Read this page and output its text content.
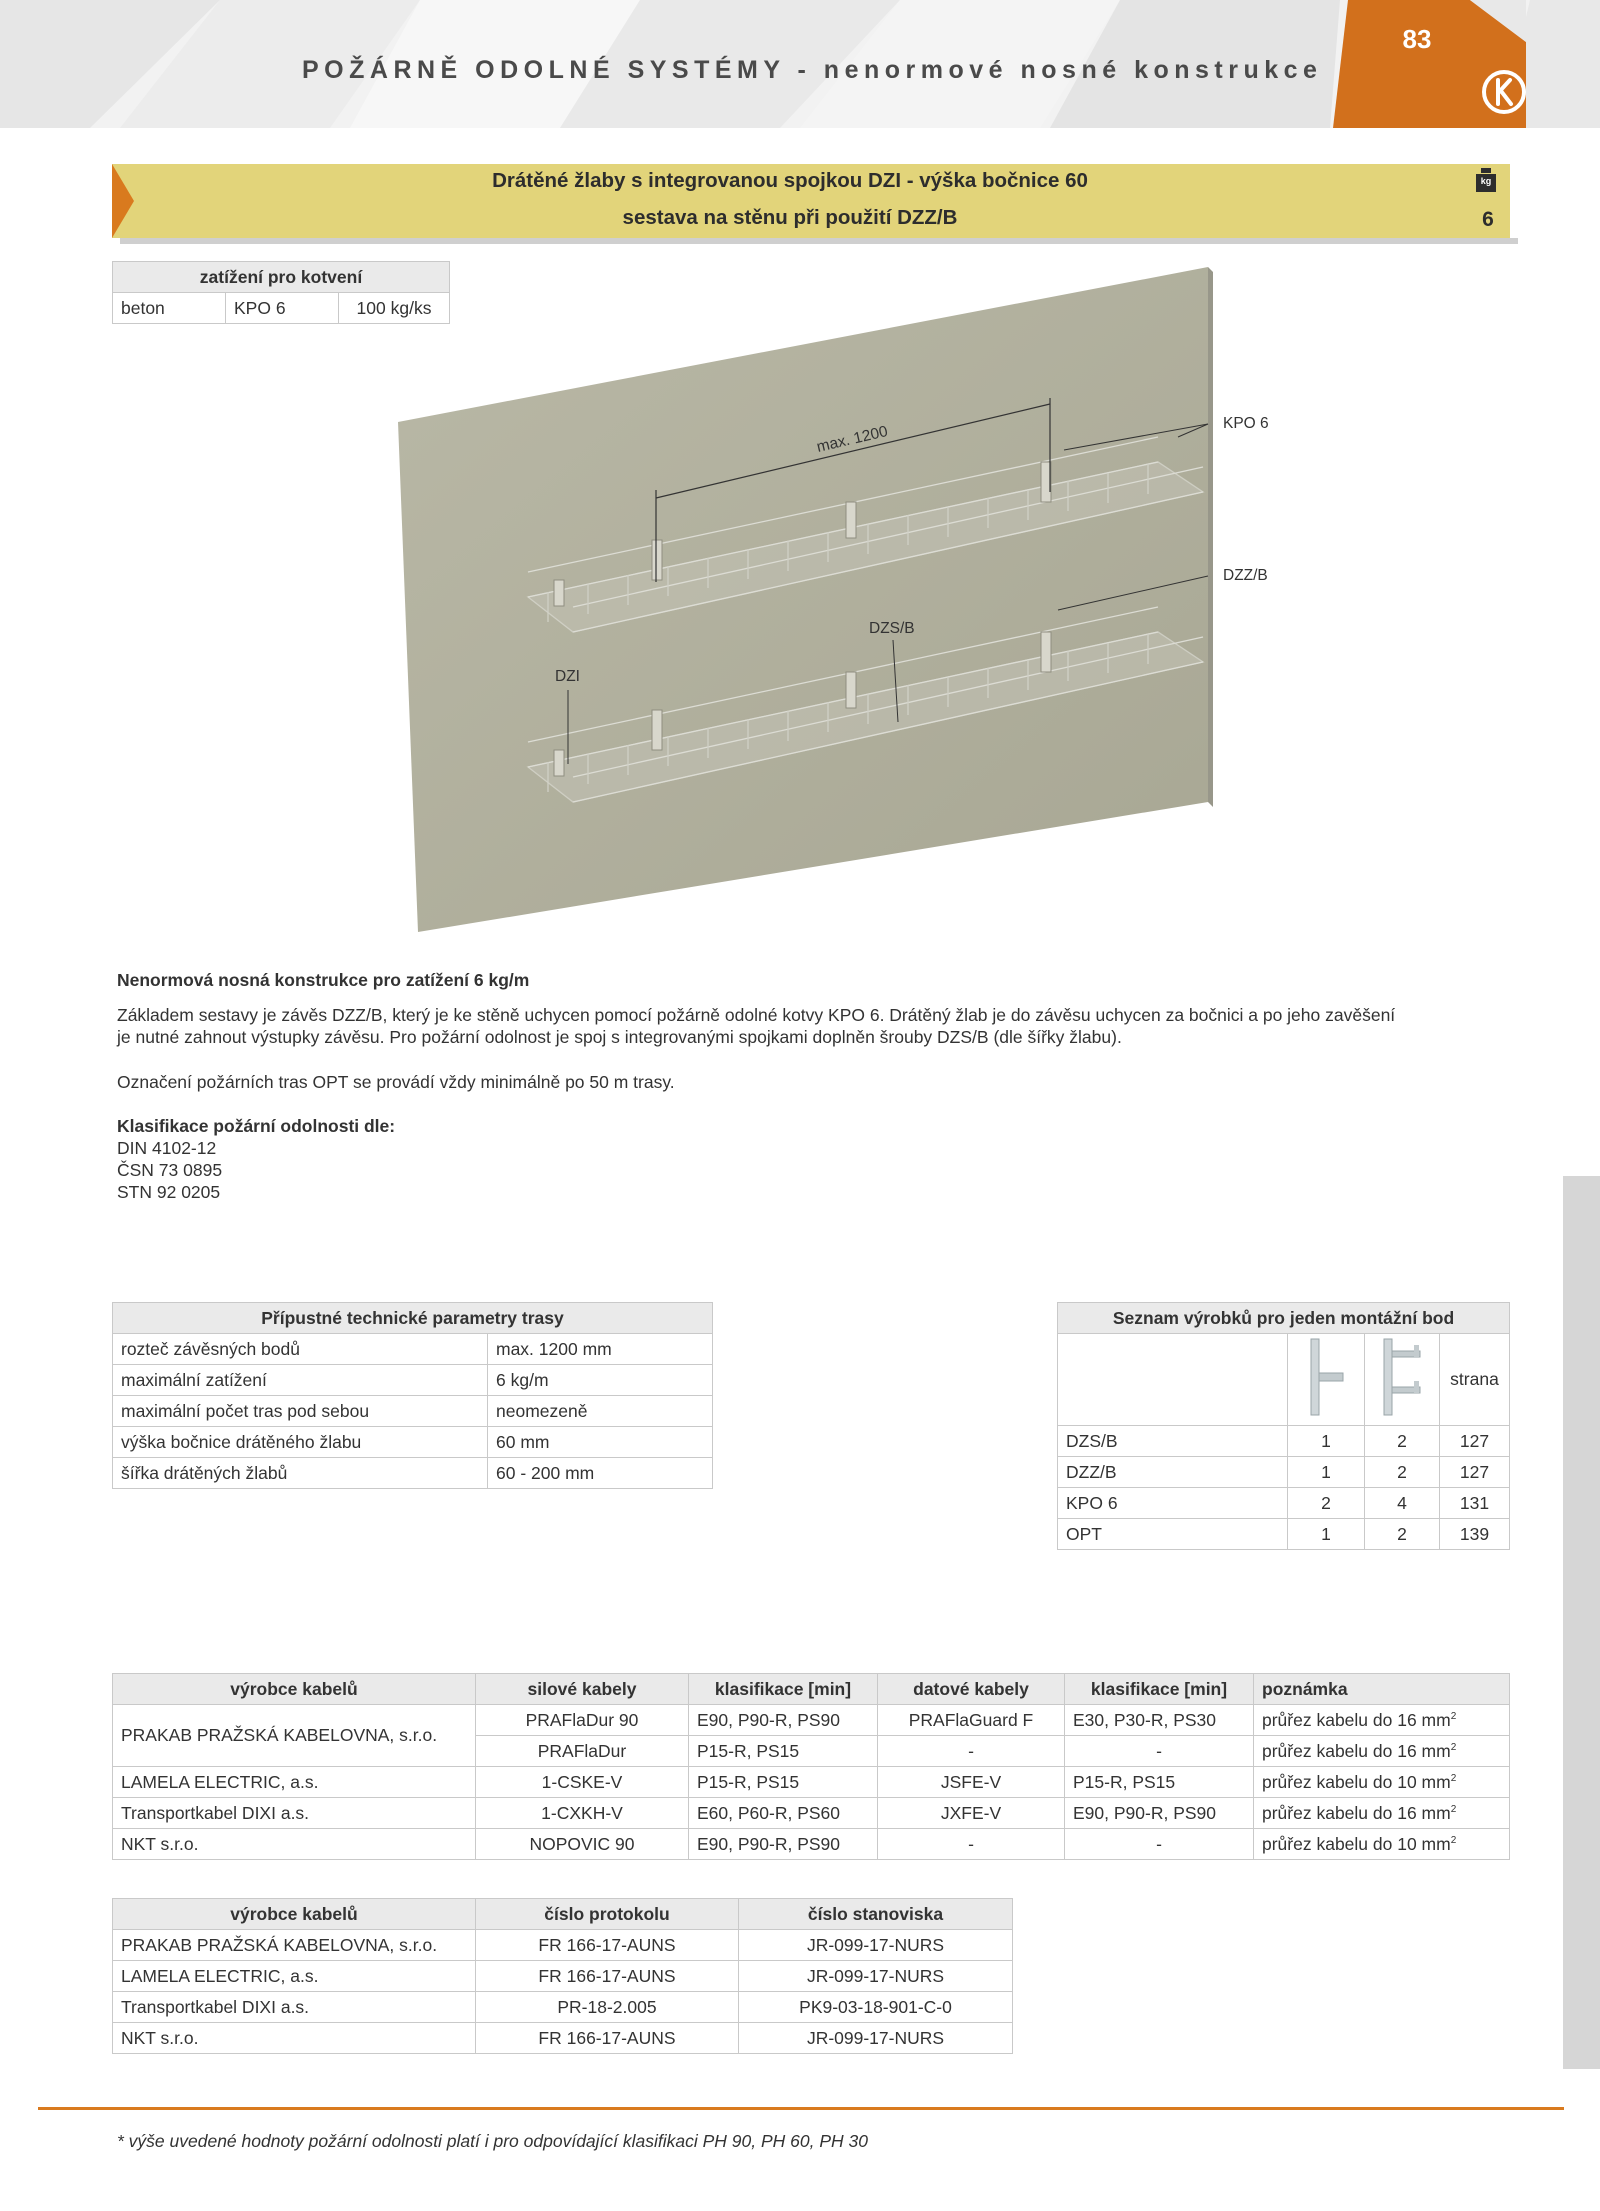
POŽÁRNĚ ODOLNÉ SYSTÉMY - nenormové nosné konstrukce
83
Drátěné žlaby s integrovanou spojkou DZI - výška bočnice 60
sestava na stěnu při použití DZZ/B
kg
6
zatížení pro kotvení
beton	KPO 6	100 kg/ks
max. 1200	KPO 6
DZZ/B
DZS/B
DZI
Nenormová nosná konstrukce pro zatížení 6 kg/m
Základem sestavy je závěs DZZ/B, který je ke stěně uchycen pomocí požárně odolné kotvy KPO 6. Drátěný žlab je do závěsu uchycen za bočnici a po jeho zavěšení
je nutné zahnout výstupky závěsu. Pro požární odolnost je spoj s integrovanými spojkami doplněn šrouby DZS/B (dle šířky žlabu).
Označení požárních tras OPT se provádí vždy minimálně po 50 m trasy.
Klasifikace požární odolnosti dle:
DIN 4102-12
ČSN 73 0895
STN 92 0205
Přípustné technické parametry trasy	
rozteč závěsných bodů	max. 1200 mm
maximální zatížení	6 kg/m
maximální počet tras pod sebou	neomezeně
výška bočnice drátěného žlabu	60 mm
šířka drátěných žlabů	60 - 200 mm
Seznam výrobků pro jeden montážní bod			
			strana
DZS/B	1	2	127
DZZ/B	1	2	127
KPO 6	2	4	131
OPT	1	2	139
výrobce kabelů	silové kabely	klasifikace [min]	datové kabely	klasifikace [min]	poznámka
PRAKAB PRAŽSKÁ KABELOVNA, s.r.o.	PRAFlaDur 90	E90, P90-R, PS90	PRAFlaGuard F	E30, P30-R, PS30	průřez kabelu do 16 $mm^2$
	PRAFlaDur	P15-R, PS15	-	-	průřez kabelu do 16 $mm^2$
LAMELA ELECTRIC, a.s.	1-CSKE-V	P15-R, PS15	JSFE-V	P15-R, PS15	průřez kabelu do 10 $mm^2$
Transportkabel DIXI a.s.	1-CXKH-V	E60, P60-R, PS60	JXFE-V	E90, P90-R, PS90	průřez kabelu do 16 $mm^2$
NKT s.r.o.	NOPOVIC 90	E90, P90-R, PS90	-	-	průřez kabelu do 10 $mm^2$
výrobce kabelů	číslo protokolu	číslo stanoviska
PRAKAB PRAŽSKÁ KABELOVNA, s.r.o.	FR 166-17-AUNS	JR-099-17-NURS
LAMELA ELECTRIC, a.s.	FR 166-17-AUNS	JR-099-17-NURS
Transportkabel DIXI a.s.	PR-18-2.005	PK9-03-18-901-C-0
NKT s.r.o.	FR 166-17-AUNS	JR-099-17-NURS
* výše uvedené hodnoty požární odolnosti platí i pro odpovídající klasifikaci PH 90, PH 60, PH 30
